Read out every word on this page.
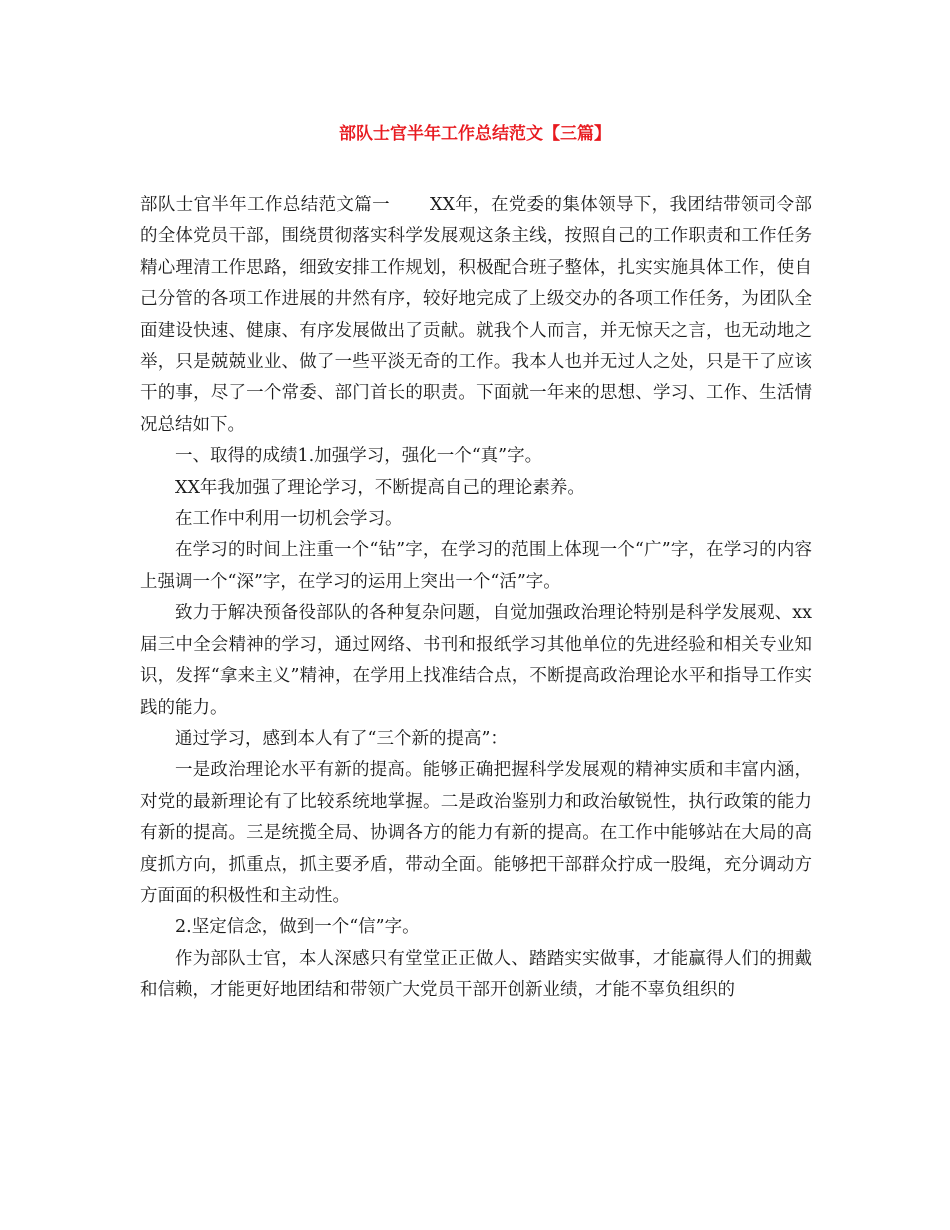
部队士官半年工作总结范文【三篇】

部队士官半年工作总结范文篇一 XX年，在党委的集体领导下，我团结带领司令部的全体党员干部，围绕贯彻落实科学发展观这条主线，按照自己的工作职责和工作任务精心理清工作思路，细致安排工作规划，积极配合班子整体，扎实实施具体工作，使自己分管的各项工作进展的井然有序，较好地完成了上级交办的各项工作任务，为团队全面建设快速、健康、有序发展做出了贡献。就我个人而言，并无惊天之言，也无动地之举，只是兢兢业业、做了一些平淡无奇的工作。我本人也并无过人之处，只是干了应该干的事，尽了一个常委、部门首长的职责。下面就一年来的思想、学习、工作、生活情况总结如下。

一、取得的成绩1.加强学习，强化一个“真”字。

XX年我加强了理论学习，不断提高自己的理论素养。

在工作中利用一切机会学习。

在学习的时间上注重一个“钻”字，在学习的范围上体现一个“广”字，在学习的内容上强调一个“深”字，在学习的运用上突出一个“活”字。

致力于解决预备役部队的各种复杂问题，自觉加强政治理论特别是科学发展观、xx届三中全会精神的学习，通过网络、书刊和报纸学习其他单位的先进经验和相关专业知识，发挥“拿来主义”精神，在学用上找准结合点，不断提高政治理论水平和指导工作实践的能力。

通过学习，感到本人有了“三个新的提高”：

一是政治理论水平有新的提高。能够正确把握科学发展观的精神实质和丰富内涵，对党的最新理论有了比较系统地掌握。二是政治鉴别力和政治敏锐性，执行政策的能力有新的提高。三是统揽全局、协调各方的能力有新的提高。在工作中能够站在大局的高度抓方向，抓重点，抓主要矛盾，带动全面。能够把干部群众拧成一股绳，充分调动方方面面的积极性和主动性。

2.坚定信念，做到一个“信”字。

作为部队士官，本人深感只有堂堂正正做人、踏踏实实做事，才能赢得人们的拥戴和信赖，才能更好地团结和带领广大党员干部开创新业绩，才能不辜负组织的
